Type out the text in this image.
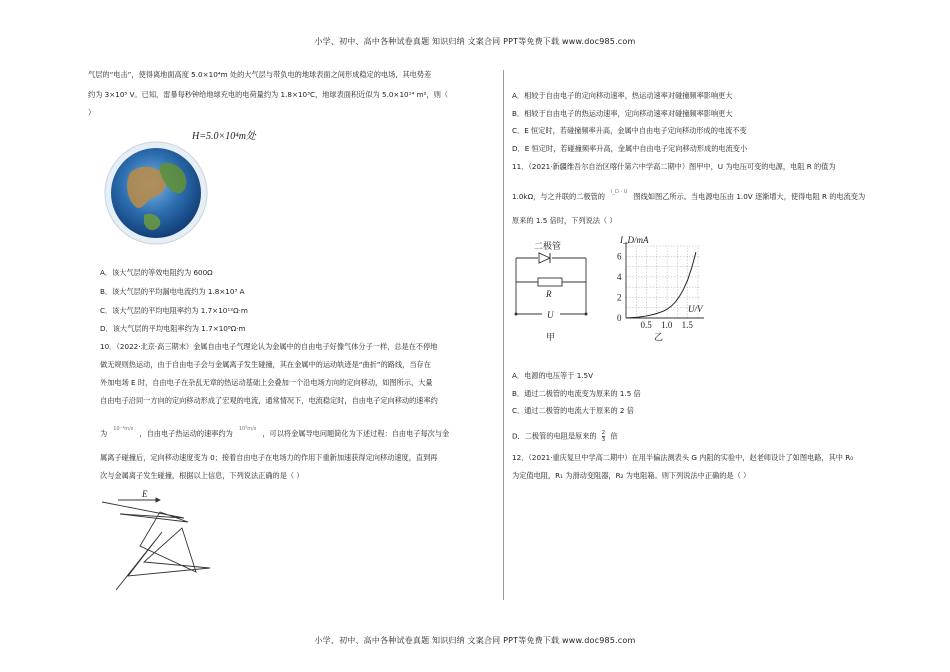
小学、初中、高中各种试卷真题 知识归纳 文案合同 PPT等免费下载 www.doc985.com
小学、初中、高中各种试卷真题 知识归纳 文案合同 PPT等免费下载 www.doc985.com
气层的“电击”，使得离地面高度 5.0×10⁴m 处的大气层与带负电的地球表面之间形成稳定的电场，其电势差
约为 3×10⁵ V。已知，雷暴每秒钟给地球充电的电荷量约为 1.8×10³C，地球表面积近似为 5.0×10¹⁴ m²，则（
）
H=5.0×10⁴m处
A．该大气层的等效电阻约为 600Ω
B．该大气层的平均漏电电流约为 1.8×10³ A
C．该大气层的平均电阻率约为 1.7×10¹²Ω·m
D．该大气层的平均电阻率约为 1.7×10⁸Ω·m
10．（2022·北京·高三期末）金属自由电子气理论认为金属中的自由电子好像气体分子一样，总是在不停地
做无规则热运动，由于自由电子会与金属离子发生碰撞，其在金属中的运动轨迹是“曲折”的路线，当存在
外加电场 E 时，自由电子在杂乱无章的热运动基础上会叠加一个沿电场方向的定向移动，如图所示，大量
自由电子沿同一方向的定向移动形成了宏观的电流，通常情况下，电流稳定时，自由电子定向移动的速率约
为 $^{10^{-4}m/s}$ ，自由电子热运动的速率约为 $^{10^5m/s}$ ，可以将金属导电问题简化为下述过程：自由电子每次与金
属离子碰撞后，定向移动速度变为 0；接着自由电子在电场力的作用下重新加速获得定向移动速度，直到再
次与金属离子发生碰撞，根据以上信息，下列说法正确的是（ ）
E
A．相较于自由电子的定向移动速率，热运动速率对碰撞频率影响更大
B．相较于自由电子的热运动速率，定向移动速率对碰撞频率影响更大
C．E 恒定时，若碰撞频率升高，金属中自由电子定向移动形成的电流不变
D．E 恒定时，若碰撞频率升高，金属中自由电子定向移动形成的电流变小
11．（2021·新疆维吾尔自治区喀什第六中学高二期中）图甲中，U 为电压可变的电源，电阻 R 的值为
1.0kΩ，与之并联的二极管的 $^{I\_D - U}$ 图线如图乙所示。当电源电压由 1.0V 逐渐增大，使得电阻 R 的电流变为
原来的 1.5 倍时，下列说法（ ）
二极管
R
U
甲
0
2
4
6
0.5 1.0 1.5
I_D/mA
U/V
乙
A．电源的电压等于 1.5V
B．通过二极管的电流变为原来的 1.5 倍
C．通过二极管的电流大于原来的 2 倍
D．二极管的电阻是原来的 $\frac{2}{3}$ 倍
12．（2021·重庆复旦中学高二期中）在用半偏法测表头 G 内阻的实验中，赵老师设计了如图电路，其中 R₀
为定值电阻，R₁ 为滑动变阻器，R₂ 为电阻箱。则下列说法中正确的是（ ）
